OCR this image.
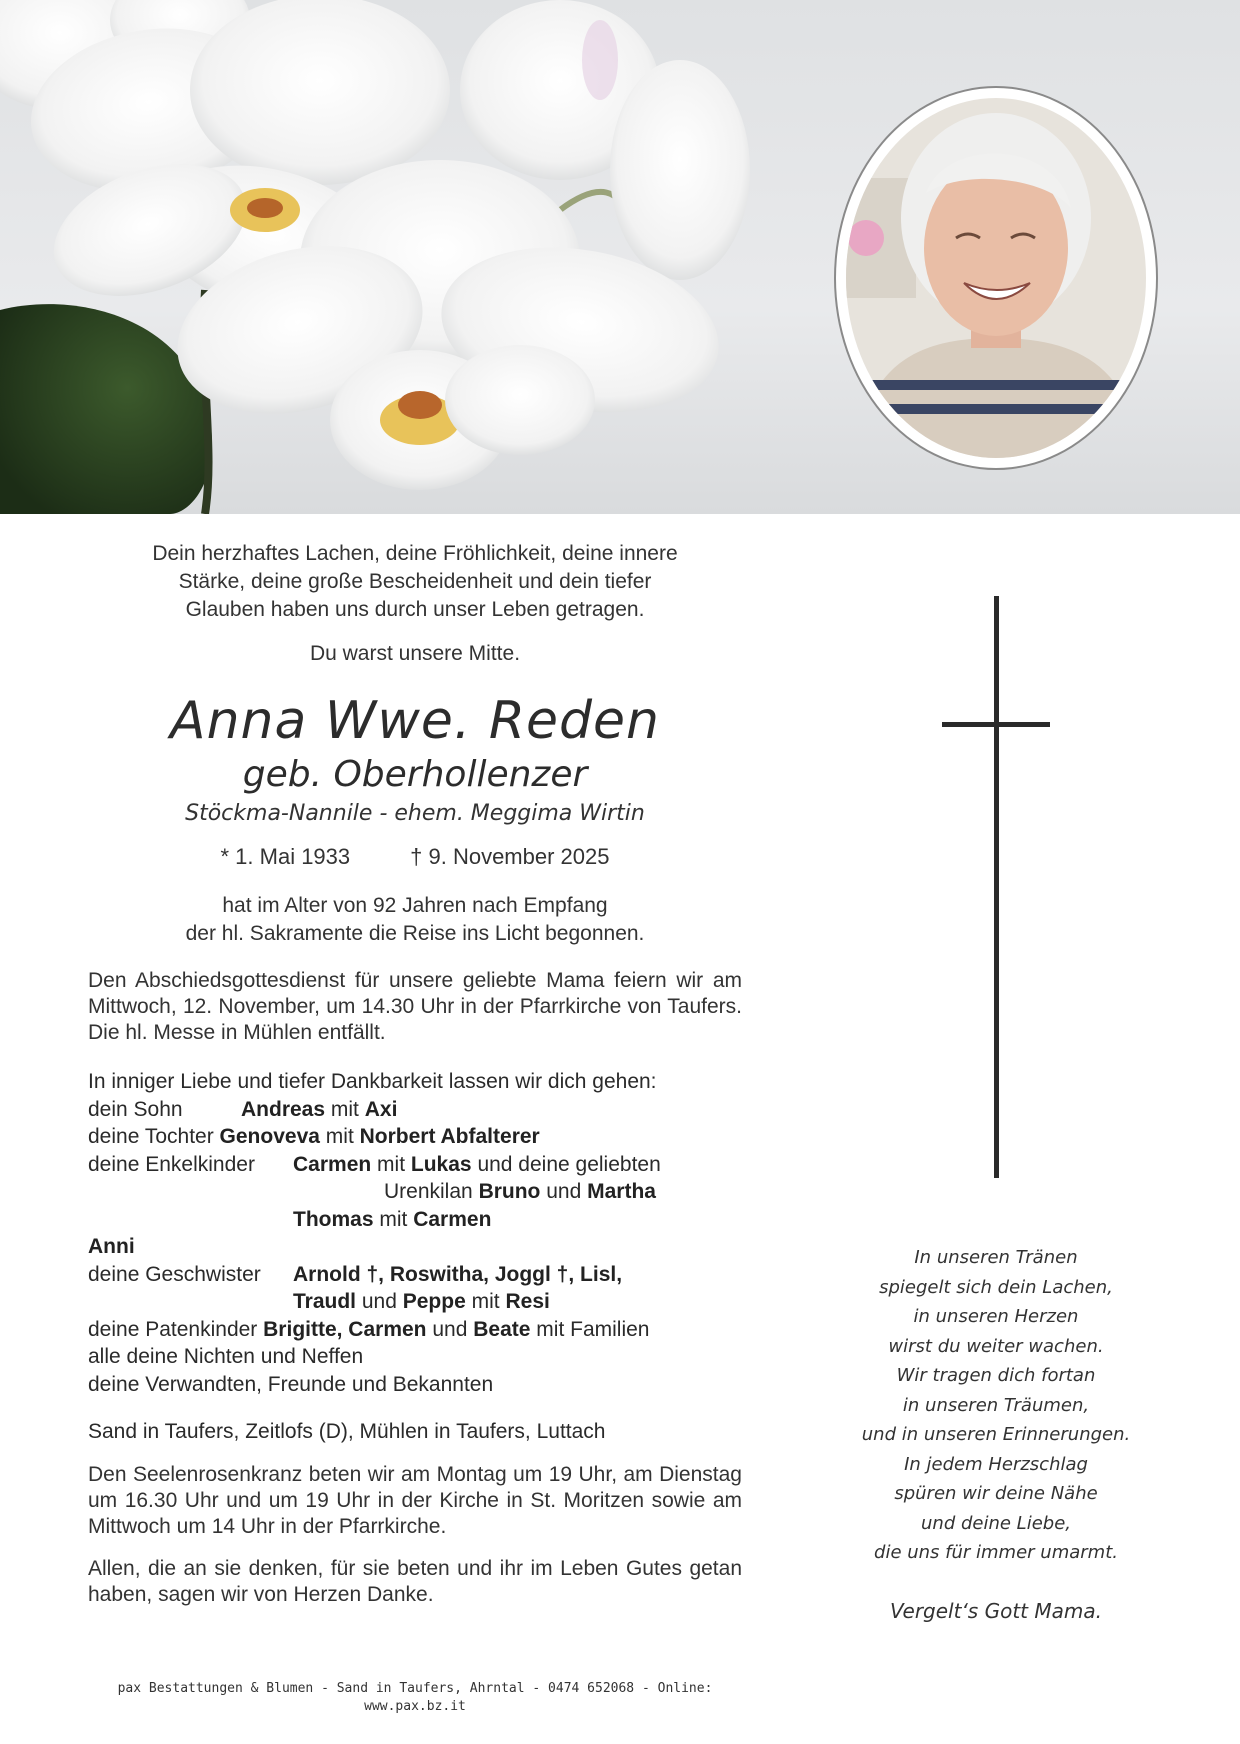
Dein herzhaftes Lachen, deine Fröhlichkeit, deine innere
Stärke, deine große Bescheidenheit und dein tiefer
Glauben haben uns durch unser Leben getragen.
Du warst unsere Mitte.
Anna Wwe. Reden
geb. Oberhollenzer
Stöckma-Nannile - ehem. Meggima Wirtin
* 1. Mai 1933	† 9. November 2025
hat im Alter von 92 Jahren nach Empfang
der hl. Sakramente die Reise ins Licht begonnen.
Den Abschiedsgottesdienst für unsere geliebte Mama feiern wir am Mittwoch, 12. November, um 14.30 Uhr in der Pfarrkirche von Taufers. Die hl. Messe in Mühlen entfällt.
In inniger Liebe und tiefer Dankbarkeit lassen wir dich gehen:
dein Sohn	Andreas mit Axi
deine Tochter Genoveva mit Norbert Abfalterer
deine Enkelkinder Carmen mit Lukas und deine geliebten
Urenkilan Bruno und Martha
Thomas mit Carmen
Anni
deine Geschwister Arnold †, Roswitha, Joggl †, Lisl,
Traudl und Peppe mit Resi
deine Patenkinder Brigitte, Carmen und Beate mit Familien
alle deine Nichten und Neffen
deine Verwandten, Freunde und Bekannten
Sand in Taufers, Zeitlofs (D), Mühlen in Taufers, Luttach
Den Seelenrosenkranz beten wir am Montag um 19 Uhr, am Dienstag um 16.30 Uhr und um 19 Uhr in der Kirche in St. Moritzen sowie am Mittwoch um 14 Uhr in der Pfarrkirche.
Allen, die an sie denken, für sie beten und ihr im Leben Gutes getan haben, sagen wir von Herzen Danke.
In unseren Tränen
spiegelt sich dein Lachen,
in unseren Herzen
wirst du weiter wachen.
Wir tragen dich fortan
in unseren Träumen,
und in unseren Erinnerungen.
In jedem Herzschlag
spüren wir deine Nähe
und deine Liebe,
die uns für immer umarmt.
Vergelt‘s Gott Mama.
pax Bestattungen & Blumen - Sand in Taufers, Ahrntal - 0474 652068 - Online: www.pax.bz.it
